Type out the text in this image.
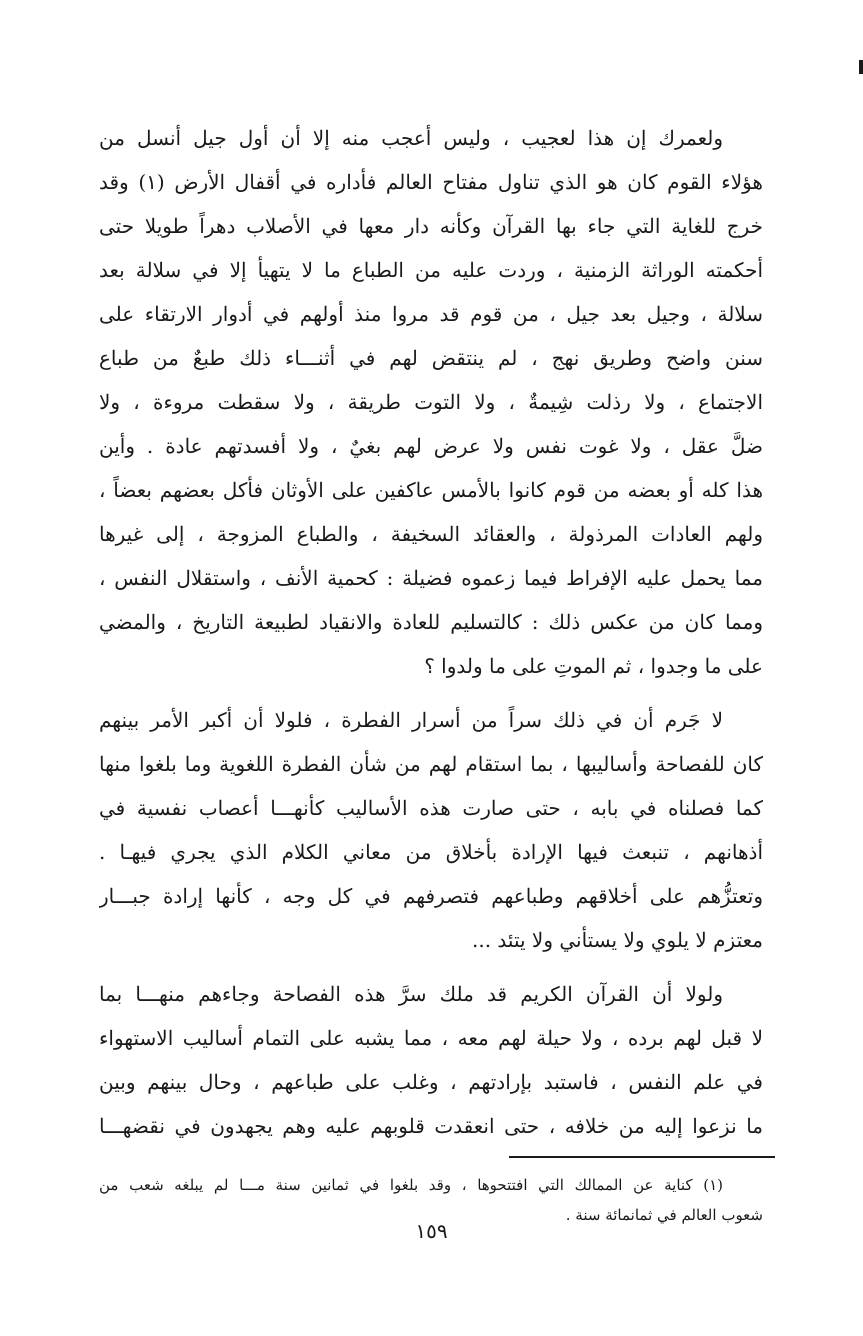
ولعمرك إن هذا لعجيب ، وليس أعجب منه إلا أن أول جيل أنسل من
هؤلاء القوم كان هو الذي تناول مفتاح العالم فأداره في أقفال الأرض (١) وقد
خرج للغاية التي جاء بها القرآن وكأنه دار معها في الأصلاب دهراً طويلا حتى
أحكمته الوراثة الزمنية ، وردت عليه من الطباع ما لا يتهيأ إلا في سلالة بعد
سلالة ، وجيل بعد جيل ، من قوم قد مروا منذ أولهم في أدوار الارتقاء على
سنن واضح وطريق نهج ، لم ينتقض لهم في أثنـــاء ذلك طبعٌ من طباع
الاجتماع ، ولا رذلت شِيمةٌ ، ولا التوت طريقة ، ولا سقطت مروءة ، ولا
ضلَّ عقل ، ولا غوت نفس ولا عرض لهم بغيٌ ، ولا أفسدتهم عادة . وأين
هذا كله أو بعضه من قوم كانوا بالأمس عاكفين على الأوثان فأكل بعضهم بعضاً ،
ولهم العادات المرذولة ، والعقائد السخيفة ، والطباع المزوجة ، إلى غيرها
مما يحمل عليه الإفراط فيما زعموه فضيلة : كحمية الأنف ، واستقلال النفس ،
ومما كان من عكس ذلك : كالتسليم للعادة والانقياد لطبيعة التاريخ ، والمضي
على ما وجدوا ، ثم الموتِ على ما ولدوا ؟
لا جَرم أن في ذلك سراً من أسرار الفطرة ، فلولا أن أكبر الأمر بينهم
كان للفصاحة وأساليبها ، بما استقام لهم من شأن الفطرة اللغوية وما بلغوا منها
كما فصلناه في بابه ، حتى صارت هذه الأساليب كأنهـــا أعصاب نفسية في
أذهانهم ، تنبعث فيها الإرادة بأخلاق من معاني الكلام الذي يجري فيهـا .
وتعتزُّهم على أخلاقهم وطباعهم فتصرفهم في كل وجه ، كأنها إرادة جبـــار
معتزم لا يلوي ولا يستأني ولا يتئد ...
ولولا أن القرآن الكريم قد ملك سرَّ هذه الفصاحة وجاءهم منهـــا بما
لا قبل لهم برده ، ولا حيلة لهم معه ، مما يشبه على التمام أساليب الاستهواء
في علم النفس ، فاستبد بإرادتهم ، وغلب على طباعهم ، وحال بينهم وبين
ما نزعوا إليه من خلافه ، حتى انعقدت قلوبهم عليه وهم يجهدون في نقضهـــا
(١) كناية عن الممالك التي افتتحوها ، وقد بلغوا في ثمانين سنة مـــا لم يبلغه شعب من
شعوب العالم في ثمانمائة سنة .
١٥٩
